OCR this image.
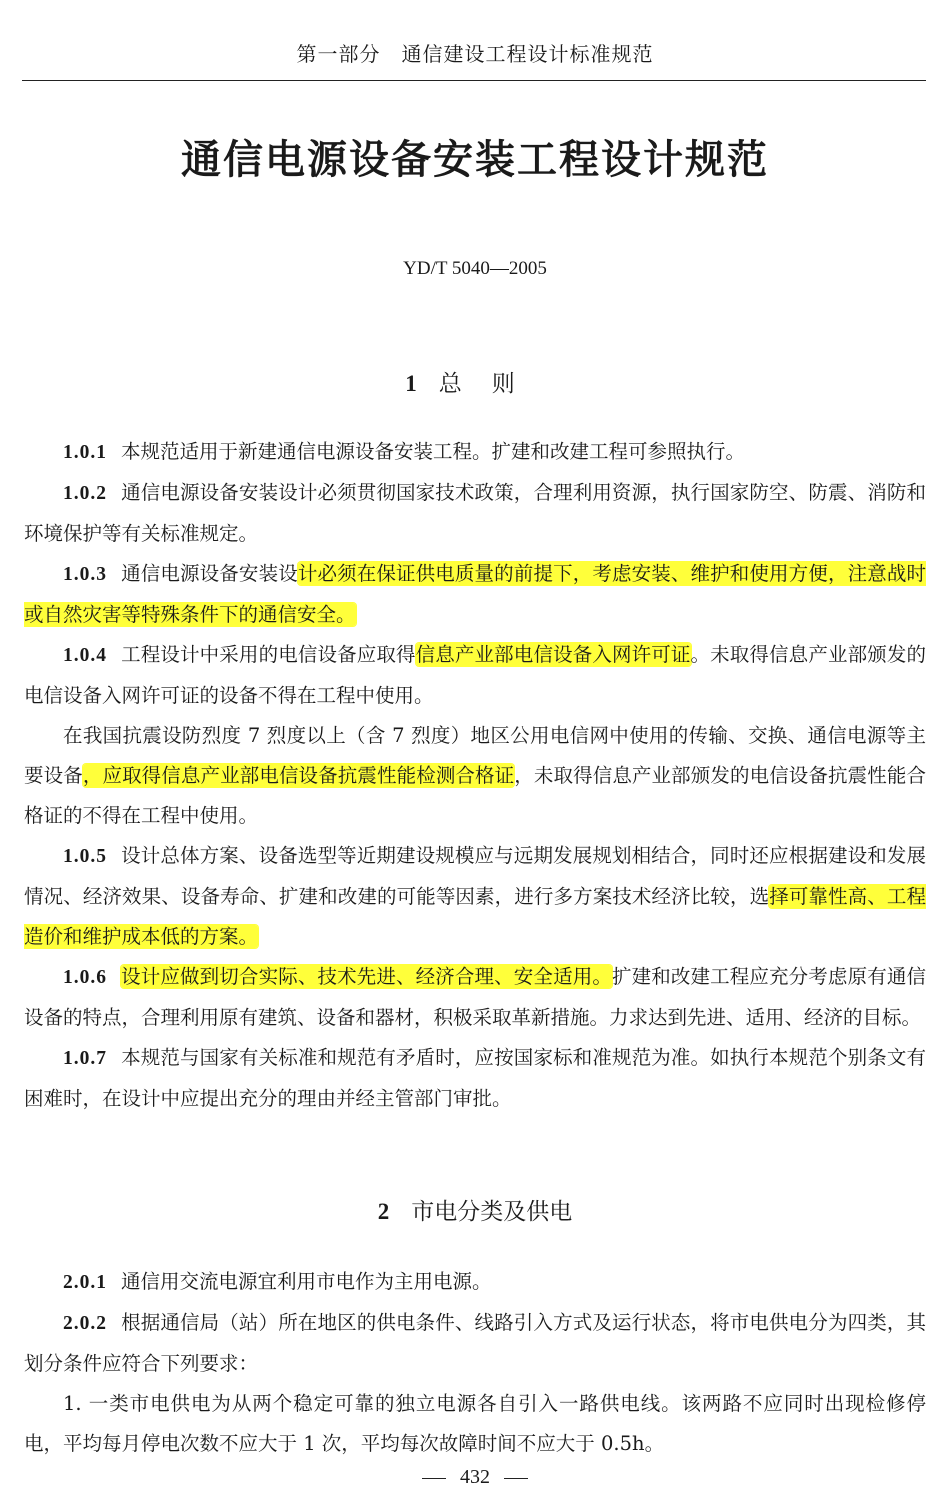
第一部分　通信建设工程设计标准规范
通信电源设备安装工程设计规范
YD/T 5040—2005
1 总则

1.0.1 本规范适用于新建通信电源设备安装工程。扩建和改建工程可参照执行。

1.0.2 通信电源设备安装设计必须贯彻国家技术政策，合理利用资源，执行国家防空、防震、消防和环境保护等有关标准规定。

1.0.3 通信电源设备安装设计必须在保证供电质量的前提下，考虑安装、维护和使用方便，注意战时或自然灾害等特殊条件下的通信安全。

1.0.4 工程设计中采用的电信设备应取得信息产业部电信设备入网许可证。未取得信息产业部颁发的电信设备入网许可证的设备不得在工程中使用。

在我国抗震设防烈度 7 烈度以上（含 7 烈度）地区公用电信网中使用的传输、交换、通信电源等主要设备，应取得信息产业部电信设备抗震性能检测合格证，未取得信息产业部颁发的电信设备抗震性能合格证的不得在工程中使用。

1.0.5 设计总体方案、设备选型等近期建设规模应与远期发展规划相结合，同时还应根据建设和发展情况、经济效果、设备寿命、扩建和改建的可能等因素，进行多方案技术经济比较，选择可靠性高、工程造价和维护成本低的方案。

1.0.6 设计应做到切合实际、技术先进、经济合理、安全适用。扩建和改建工程应充分考虑原有通信设备的特点，合理利用原有建筑、设备和器材，积极采取革新措施。力求达到先进、适用、经济的目标。

1.0.7 本规范与国家有关标准和规范有矛盾时，应按国家标和准规范为准。如执行本规范个别条文有困难时，在设计中应提出充分的理由并经主管部门审批。

2 市电分类及供电

2.0.1 通信用交流电源宜利用市电作为主用电源。

2.0.2 根据通信局（站）所在地区的供电条件、线路引入方式及运行状态，将市电供电分为四类，其划分条件应符合下列要求：

1. 一类市电供电为从两个稳定可靠的独立电源各自引入一路供电线。该两路不应同时出现检修停电，平均每月停电次数不应大于 1 次，平均每次故障时间不应大于 0.5h。

432
